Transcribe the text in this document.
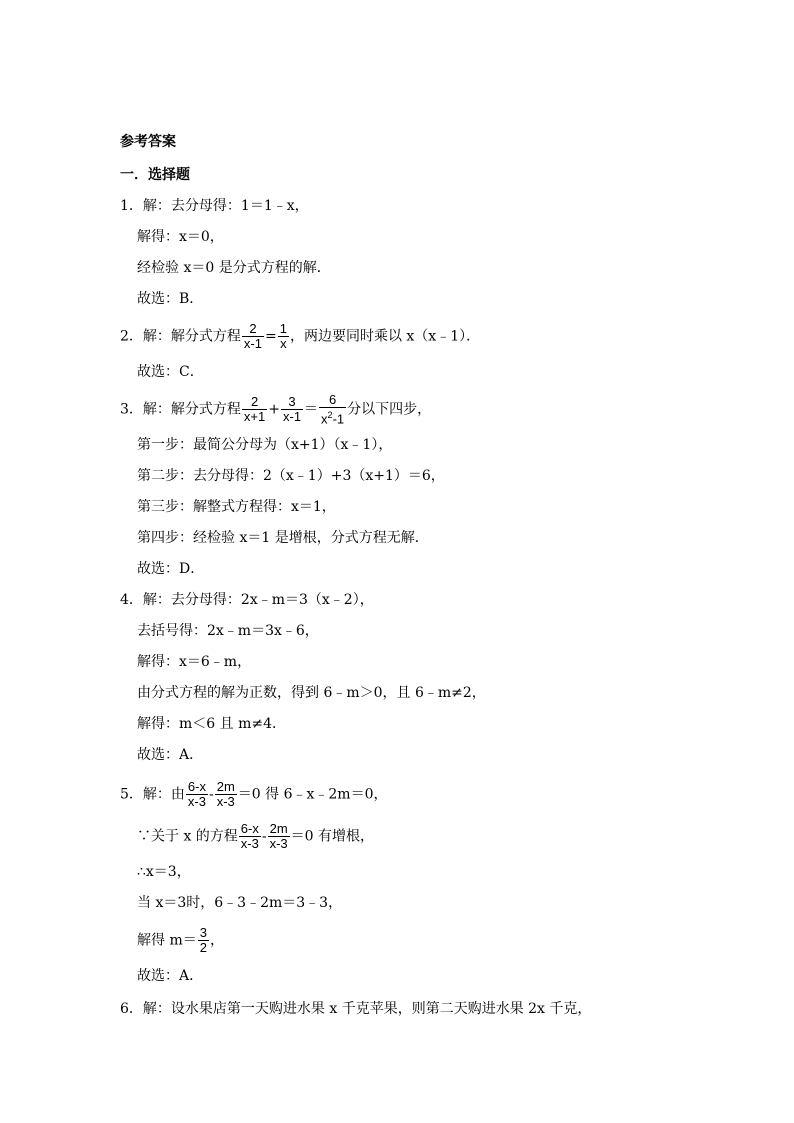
参考答案
一．选择题
1．解：去分母得：1＝1﹣x，
解得：x＝0，
经检验 x＝0 是分式方程的解．
故选：B．
2．解：解分式方程 $\frac{2}{x-1} = \frac{1}{x}$ ，两边要同时乘以 x（x﹣1）．
故选：C．
3．解：解分式方程 $\frac{2}{x+1} + \frac{3}{x-1} = \frac{6}{x^2-1}$ 分以下四步，
第一步：最简公分母为（x+1）（x﹣1），
第二步：去分母得：2（x﹣1）+3（x+1）＝6，
第三步：解整式方程得：x＝1，
第四步：经检验 x＝1 是增根，分式方程无解．
故选：D．
4．解：去分母得：2x﹣m＝3（x﹣2），
去括号得：2x﹣m＝3x﹣6，
解得：x＝6﹣m，
由分式方程的解为正数，得到 6﹣m＞0，且 6﹣m≠2，
解得：m＜6 且 m≠4．
故选：A．
5．解：由 $\frac{6-x}{x-3} - \frac{2m}{x-3} =0$ 得 6﹣x﹣2m＝0，
∵关于 x 的方程 $\frac{6-x}{x-3} - \frac{2m}{x-3} =0$ 有增根，
∴x＝3，
当 x＝3时，6﹣3﹣2m＝3﹣3，
解得 $m= \frac{3}{2}$ ，
故选：A．
6．解：设水果店第一天购进水果 x 千克苹果，则第二天购进水果 2x 千克，
